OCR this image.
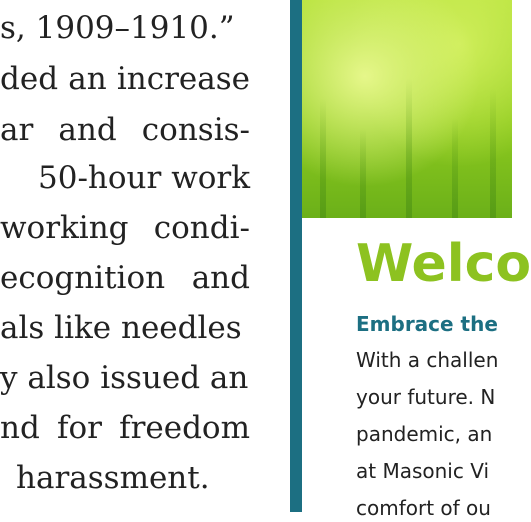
s, 1909–1910.”
ded an increase
ar and consis-
50-hour work
working condi-
ecognition and
als like needles
y also issued an
nd for freedom
harassment.
Welco
Embrace the
With a challen
your future. N
pandemic, an
at Masonic Vi
comfort of ou
